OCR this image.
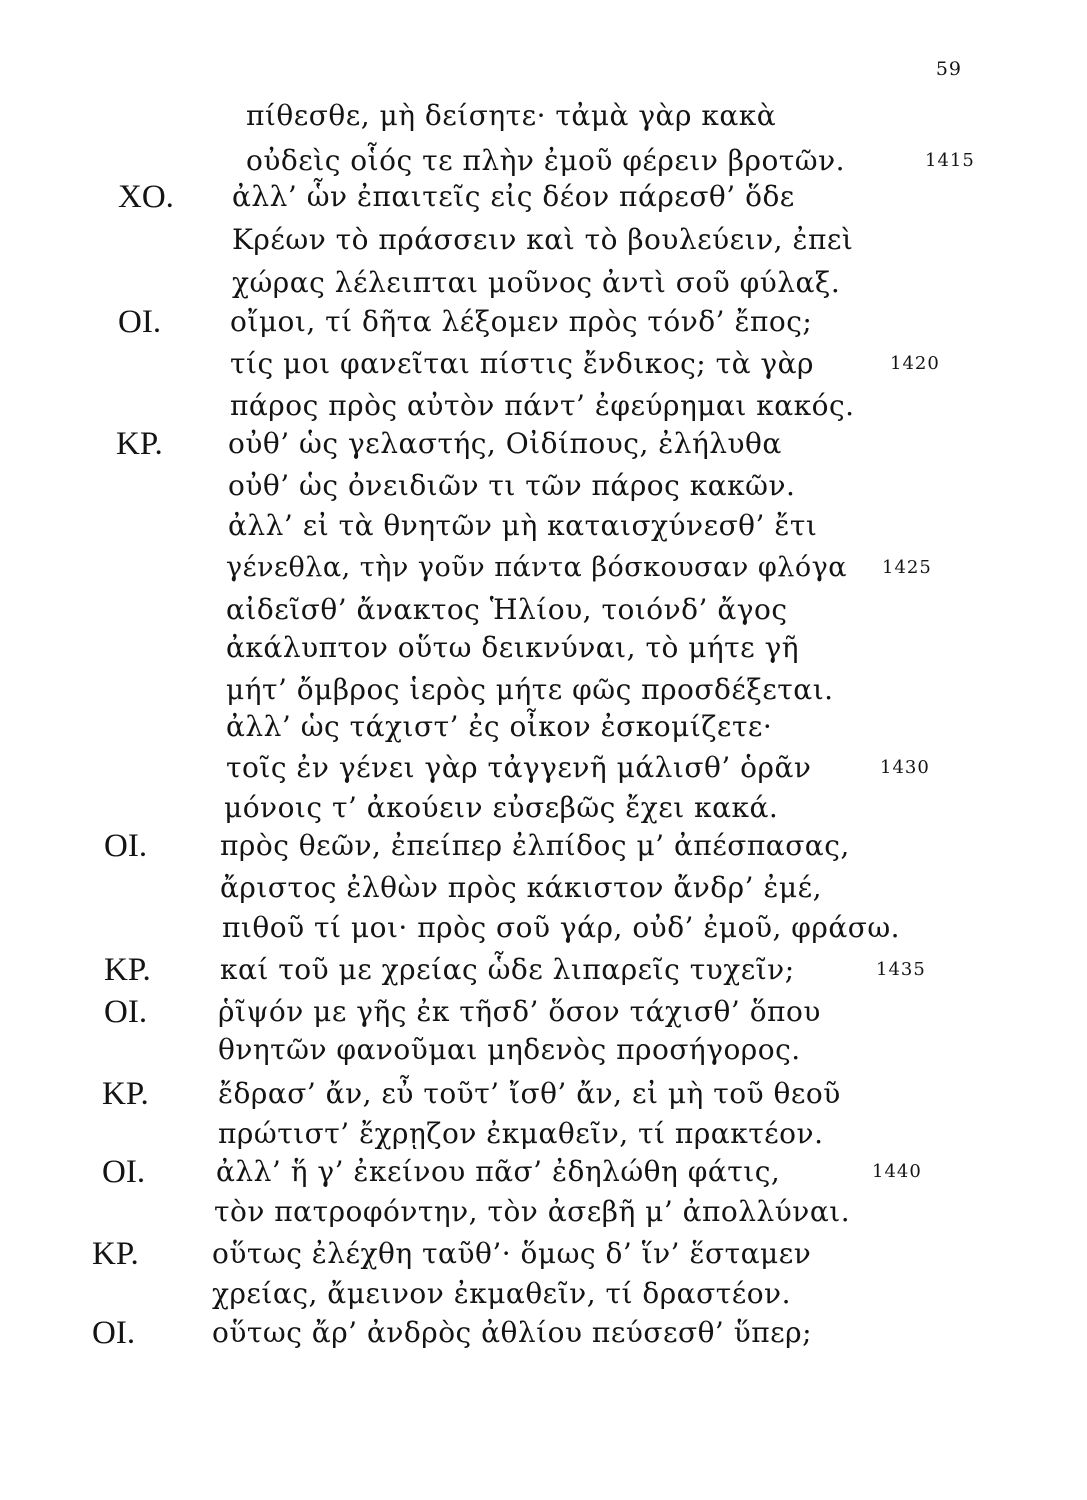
59
πίθεσθε, μὴ δείσητε· τἀμὰ γὰρ κακὰ
οὐδεὶς οἷός τε πλὴν ἐμοῦ φέρειν βροτῶν.	1415
ΧΟ. ἀλλ’ ὧν ἐπαιτεῖς εἰς δέον πάρεσθ’ ὅδε
Κρέων τὸ πράσσειν καὶ τὸ βουλεύειν, ἐπεὶ
χώρας λέλειπται μοῦνος ἀντὶ σοῦ φύλαξ.
ΟΙ. οἴμοι, τί δῆτα λέξομεν πρὸς τόνδ’ ἔπος;
τίς μοι φανεῖται πίστις ἔνδικος; τὰ γὰρ	1420
πάρος πρὸς αὐτὸν πάντ’ ἐφεύρημαι κακός.
ΚΡ. οὐθ’ ὡς γελαστής, Οἰδίπους, ἐλήλυθα
οὐθ’ ὡς ὀνειδιῶν τι τῶν πάρος κακῶν.
ἀλλ’ εἰ τὰ θνητῶν μὴ καταισχύνεσθ’ ἔτι
γένεθλα, τὴν γοῦν πάντα βόσκουσαν φλόγα 1425
αἰδεῖσθ’ ἄνακτος Ἡλίου, τοιόνδ’ ἄγος
ἀκάλυπτον οὕτω δεικνύναι, τὸ μήτε γῆ
μήτ’ ὄμβρος ἱερὸς μήτε φῶς προσδέξεται.
ἀλλ’ ὡς τάχιστ’ ἐς οἶκον ἐσκομίζετε·
τοῖς ἐν γένει γὰρ τἀγγενῆ μάλισθ’ ὁρᾶν	1430
μόνοις τ’ ἀκούειν εὐσεβῶς ἔχει κακά.
ΟΙ.	πρὸς θεῶν, ἐπείπερ ἐλπίδος μ’ ἀπέσπασας,
ἄριστος ἐλθὼν πρὸς κάκιστον ἄνδρ’ ἐμέ,
πιθοῦ τί μοι· πρὸς σοῦ γάρ, οὐδ’ ἐμοῦ, φράσω.
ΚΡ. καί τοῦ με χρείας ὧδε λιπαρεῖς τυχεῖν;	1435
ΟΙ.	ῥῖψόν με γῆς ἐκ τῆσδ’ ὅσον τάχισθ’ ὅπου
θνητῶν φανοῦμαι μηδενὸς προσήγορος.
ΚΡ. ἔδρασ’ ἄν, εὖ τοῦτ’ ἴσθ’ ἄν, εἰ μὴ τοῦ θεοῦ
πρώτιστ’ ἔχρῃζον ἐκμαθεῖν, τί πρακτέον.
ΟΙ.	ἀλλ’ ἥ γ’ ἐκείνου πᾶσ’ ἐδηλώθη φάτις,	1440
τὸν πατροφόντην, τὸν ἀσεβῆ μ’ ἀπολλύναι.
ΚΡ.	οὕτως ἐλέχθη ταῦθ’· ὅμως δ’ ἵν’ ἕσταμεν
χρείας, ἄμεινον ἐκμαθεῖν, τί δραστέον.
ΟΙ.	οὕτως ἄρ’ ἀνδρὸς ἀθλίου πεύσεσθ’ ὕπερ;
